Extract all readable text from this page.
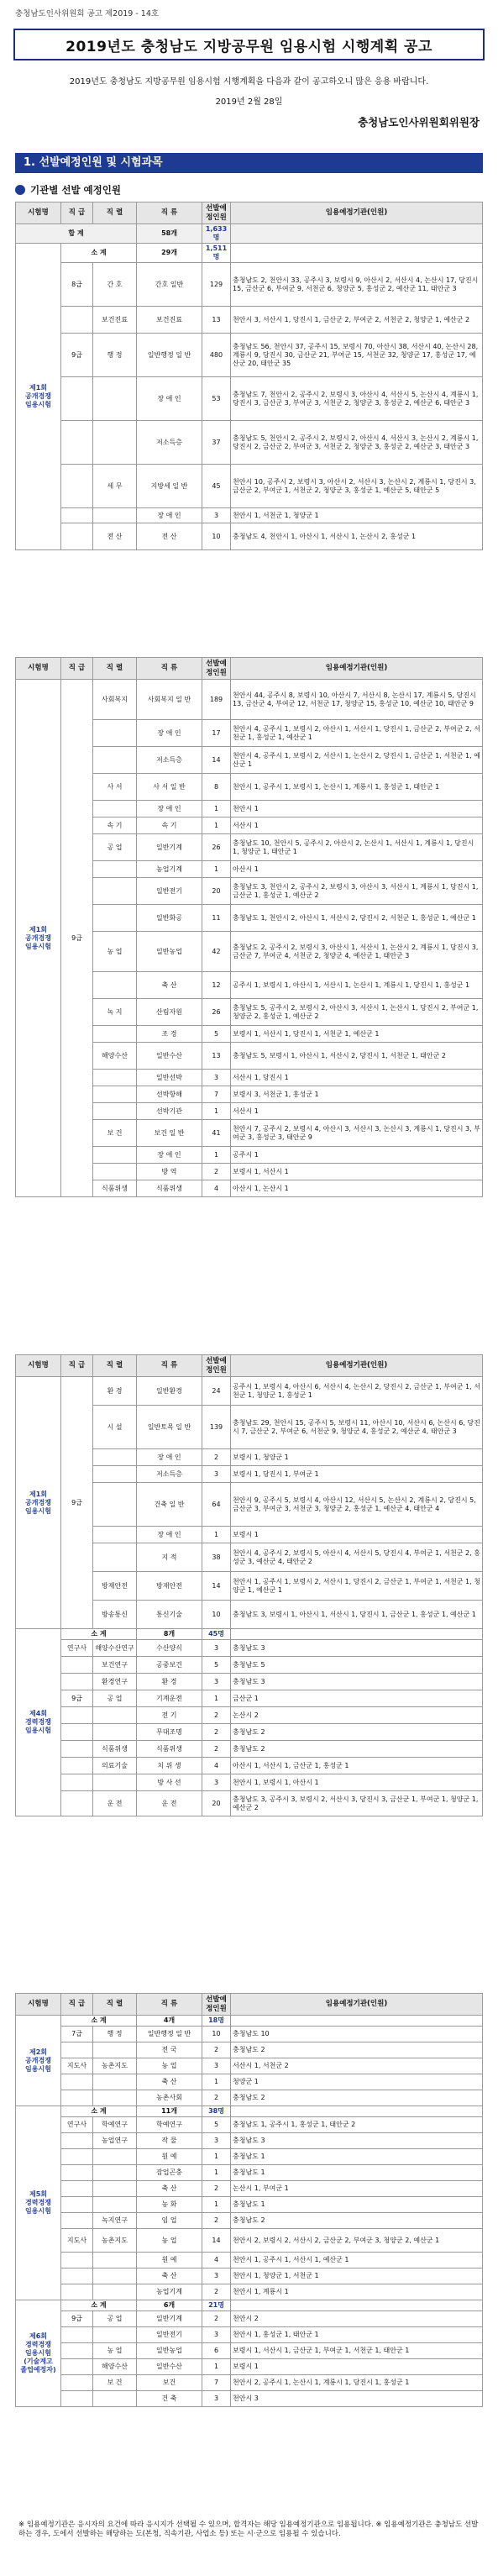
충청남도인사위원회 공고 제2019 - 14호
2019년도 충청남도 지방공무원 임용시험 시행계획 공고
2019년도 충청남도 지방공무원 임용시험 시행계획을 다음과 같이 공고하오니 많은 응용 바랍니다.
2019년 2월 28일
충청남도인사위원회위원장
1. 선발예정인원 및 시험과목
기관별 선발 예정인원
시험명	직 급	직 렬	직 류	선발예정인원	임용예정기관(인원)
합 계			58개	1,633명	
제1회
공개경쟁
임용시험	소 계		29개	1,511명	
	8급	간 호	간호 일반	129	충청남도 2, 천안시 33, 공주시 3, 보령시 9, 아산시 2, 서산시 4, 논산시 17, 당진시 15, 금산군 6, 부여군 9, 서천군 6, 청양군 5, 홍성군 2, 예산군 11, 태안군 3
		보건진료	보건진료	13	천안시 3, 서산시 1, 당진시 1, 금산군 2, 부여군 2, 서천군 2, 청양군 1, 예산군 2
	9급	행 정	일반행정 일 반	480	충청남도 56, 천안시 37, 공주시 15, 보령시 70, 아산시 38, 서산시 40, 논산시 28, 계룡시 9, 당진시 30, 금산군 21, 부여군 15, 서천군 32, 청양군 17, 홍성군 17, 예산군 20, 태안군 35
			장 애 인	53	충청남도 7, 천안시 2, 공주시 2, 보령시 3, 아산시 4, 서산시 5, 논산시 4, 계룡시 1, 당진시 3, 금산군 3, 부여군 3, 서천군 2, 청양군 3, 홍성군 2, 예산군 6, 태안군 3
			저소득층	37	충청남도 5, 천안시 2, 공주시 2, 보령시 2, 아산시 4, 서산시 3, 논산시 2, 계룡시 1, 당진시 2, 금산군 2, 부여군 3, 서천군 2, 청양군 3, 홍성군 2, 예산군 3, 태안군 3
		세 무	지방세 일 반	45	천안시 10, 공주시 2, 보령시 3, 아산시 2, 서산시 3, 논산시 2, 계룡시 1, 당진시 3, 금산군 2, 부여군 1, 서천군 2, 청양군 3, 홍성군 1, 예산군 5, 태안군 5
			장 애 인	3	천안시 1, 서천군 1, 청양군 1
		전 산	전 산	10	충청남도 4, 천안시 1, 아산시 1, 서산시 1, 논산시 2, 홍성군 1
시험명	직 급	직 렬	직 류	선발예정인원	임용예정기관(인원)
제1회
공개경쟁
임용시험	9급	사회복지	사회복지 일 반	189	천안시 44, 공주시 8, 보령시 10, 아산시 7, 서산시 8, 논산시 17, 계룡시 5, 당진시 13, 금산군 4, 부여군 12, 서천군 17, 청양군 15, 홍성군 10, 예산군 10, 태안군 9
			장 애 인	17	천안시 4, 공주시 1, 보령시 2, 아산시 1, 서산시 1, 당진시 1, 금산군 2, 부여군 2, 서천군 1, 홍성군 1, 예산군 1
			저소득층	14	천안시 4, 공주시 1, 보령시 2, 서산시 1, 논산시 2, 당진시 1, 금산군 1, 서천군 1, 예산군 1
		사 서	사 서 일 반	8	천안시 1, 공주시 1, 보령시 1, 논산시 1, 계룡시 1, 홍성군 1, 태안군 1
			장 애 인	1	천안시 1
		속 기	속 기	1	서산시 1
		공 업	일반기계	26	충청남도 10, 천안시 5, 공주시 2, 아산시 2, 논산시 1, 서산시 1, 계룡시 1, 당진시 1, 청양군 1, 태안군 1
			농업기계	1	아산시 1
			일반전기	20	충청남도 3, 천안시 2, 공주시 2, 보령시 3, 아산시 3, 서산시 1, 계룡시 1, 당진시 1, 금산군 1, 홍성군 1, 예산군 2
			일반화공	11	충청남도 1, 천안시 2, 아산시 1, 서산시 2, 당진시 2, 서천군 1, 홍성군 1, 예산군 1
		농 업	일반농업	42	충청남도 2, 공주시 2, 보령시 3, 아산시 1, 서산시 1, 논산시 2, 계룡시 1, 당진시 3, 금산군 7, 부여군 4, 서천군 2, 청양군 4, 예산군 1, 태안군 3
			축 산	12	공주시 1, 보령시 1, 아산시 1, 서산시 1, 논산시 1, 계룡시 1, 당진시 1, 홍성군 1
		녹 지	산림자원	26	충청남도 5, 공주시 2, 보령시 2, 아산시 3, 서산시 1, 논산시 1, 당진시 2, 부여군 1, 청양군 2, 홍성군 1, 예산군 2
			조 경	5	보령시 1, 서산시 1, 당진시 1, 서천군 1, 예산군 1
		해양수산	일반수산	13	충청남도 5, 보령시 1, 아산시 1, 서산시 2, 당진시 1, 서천군 1, 태안군 2
			일반선박	3	서산시 1, 당진시 1
			선박항해	7	보령시 3, 서천군 1, 홍성군 1
			선박기관	1	서산시 1
		보 건	보건 일 반	41	천안시 7, 공주시 2, 보령시 4, 아산시 3, 서산시 3, 논산시 3, 계룡시 1, 당진시 3, 부여군 3, 홍성군 3, 태안군 9
			장 애 인	1	공주시 1
			방 역	2	보령시 1, 서산시 1
		식품위생	식품위생	4	아산시 1, 논산시 1
시험명	직 급	직 렬	직 류	선발예정인원	임용예정기관(인원)
제1회
공개경쟁
임용시험	9급	환 경	일반환경	24	공주시 1, 보령시 4, 아산시 6, 서산시 4, 논산시 2, 당진시 2, 금산군 1, 부여군 1, 서천군 1, 청양군 1, 홍성군 1
		시 설	일반토목 일 반	139	충청남도 29, 천안시 15, 공주시 5, 보령시 11, 아산시 10, 서산시 6, 논산시 6, 당진시 7, 금산군 2, 부여군 6, 서천군 9, 청양군 4, 홍성군 2, 예산군 4, 태안군 3
			장 애 인	2	보령시 1, 청양군 1
			저소득층	3	보령시 1, 당진시 1, 부여군 1
			건축 일 반	64	천안시 9, 공주시 5, 보령시 4, 아산시 12, 서산시 5, 논산시 2, 계룡시 2, 당진시 5, 금산군 3, 부여군 3, 서천군 3, 청양군 2, 홍성군 1, 예산군 4, 태안군 4
			장 애 인	1	보령시 1
			지 적	38	천안시 4, 공주시 2, 보령시 5, 아산시 4, 서산시 5, 당진시 4, 부여군 1, 서천군 2, 홍성군 3, 예산군 4, 태안군 2
		방재안전	방재안전	14	천안시 1, 공주시 1, 보령시 2, 서산시 1, 당진시 2, 금산군 1, 부여군 1, 서천군 1, 청양군 1, 예산군 1
		방송통신	통신기술	10	충청남도 3, 보령시 1, 아산시 1, 서산시 1, 당진시 1, 금산군 1, 홍성군 1, 예산군 1
제4회
경력경쟁
임용시험	소 계		8개	45명	
	연구사	해양수산연구	수산양식	3	충청남도 3
		보건연구	공중보건	5	충청남도 5
		환경연구	환 경	3	충청남도 3
	9급	공 업	기계운전	1	금산군 1
			전 기	2	논산시 2
			무대조명	2	충청남도 2
		식품위생	식품위생	2	충청남도 2
		의료기술	치 위 생	4	아산시 1, 서산시 1, 금산군 1, 홍성군 1
			방 사 선	3	천안시 1, 보령시 1, 아산시 1
		운 전	운 전	20	충청남도 3, 공주시 3, 보령시 2, 서산시 3, 당진시 3, 금산군 1, 부여군 1, 청양군 1, 예산군 2
시험명	직 급	직 렬	직 류	선발예정인원	임용예정기관(인원)
제2회
공개경쟁
임용시험	소 계		4개	18명	
	7급	행 정	일반행정 일 반	10	충청남도 10
			전 국	2	충청남도 2
	지도사	농촌지도	농 업	3	서산시 1, 서천군 2
			축 산	1	청양군 1
			농촌사회	2	충청남도 2
제5회
경력경쟁
임용시험	소 계		11개	38명	
	연구사	학예연구	학예연구	5	충청남도 1, 공주시 1, 홍성군 1, 태안군 2
		농업연구	작 물	3	충청남도 3
			원 예	1	충청남도 1
			잠업곤충	1	충청남도 1
			축 산	2	논산시 1, 부여군 1
			농 화	1	충청남도 1
		녹지연구	임 업	2	충청남도 2
	지도사	농촌지도	농 업	14	천안시 2, 보령시 2, 서산시 2, 금산군 2, 부여군 3, 청양군 2, 예산군 1
			원 예	4	천안시 1, 공주시 1, 서산시 1, 예산군 1
			축 산	3	천안시 1, 청양군 1, 서천군 1
			농업기계	2	천안시 1, 계룡시 1
제6회
경력경쟁
임용시험
(기술계고
졸업예정자)	소 계		6개	21명	
	9급	공 업	일반기계	2	천안시 2
			일반전기	3	천안시 1, 홍성군 1, 태안군 1
		농 업	일반농업	6	보령시 1, 서산시 1, 금산군 1, 부여군 1, 서천군 1, 태안군 1
		해양수산	일반수산	1	보령시 1
		보 건	보건	7	천안시 2, 공주시 1, 논산시 1, 계룡시 1, 당진시 1, 홍성군 1
			건 축	3	천안시 3
※ 임용예정기관은 응시자의 요건에 따라 응시지가 선택될 수 있으며, 합격자는 해당 임용예정기관으로 임용됩니다. ※ 임용예정기관은 충청남도 선발하는 경우, 도에서 선발하는 해당하는 도(본청, 직속기관, 사업소 등) 또는 시·군으로 임용될 수 있습니다.
